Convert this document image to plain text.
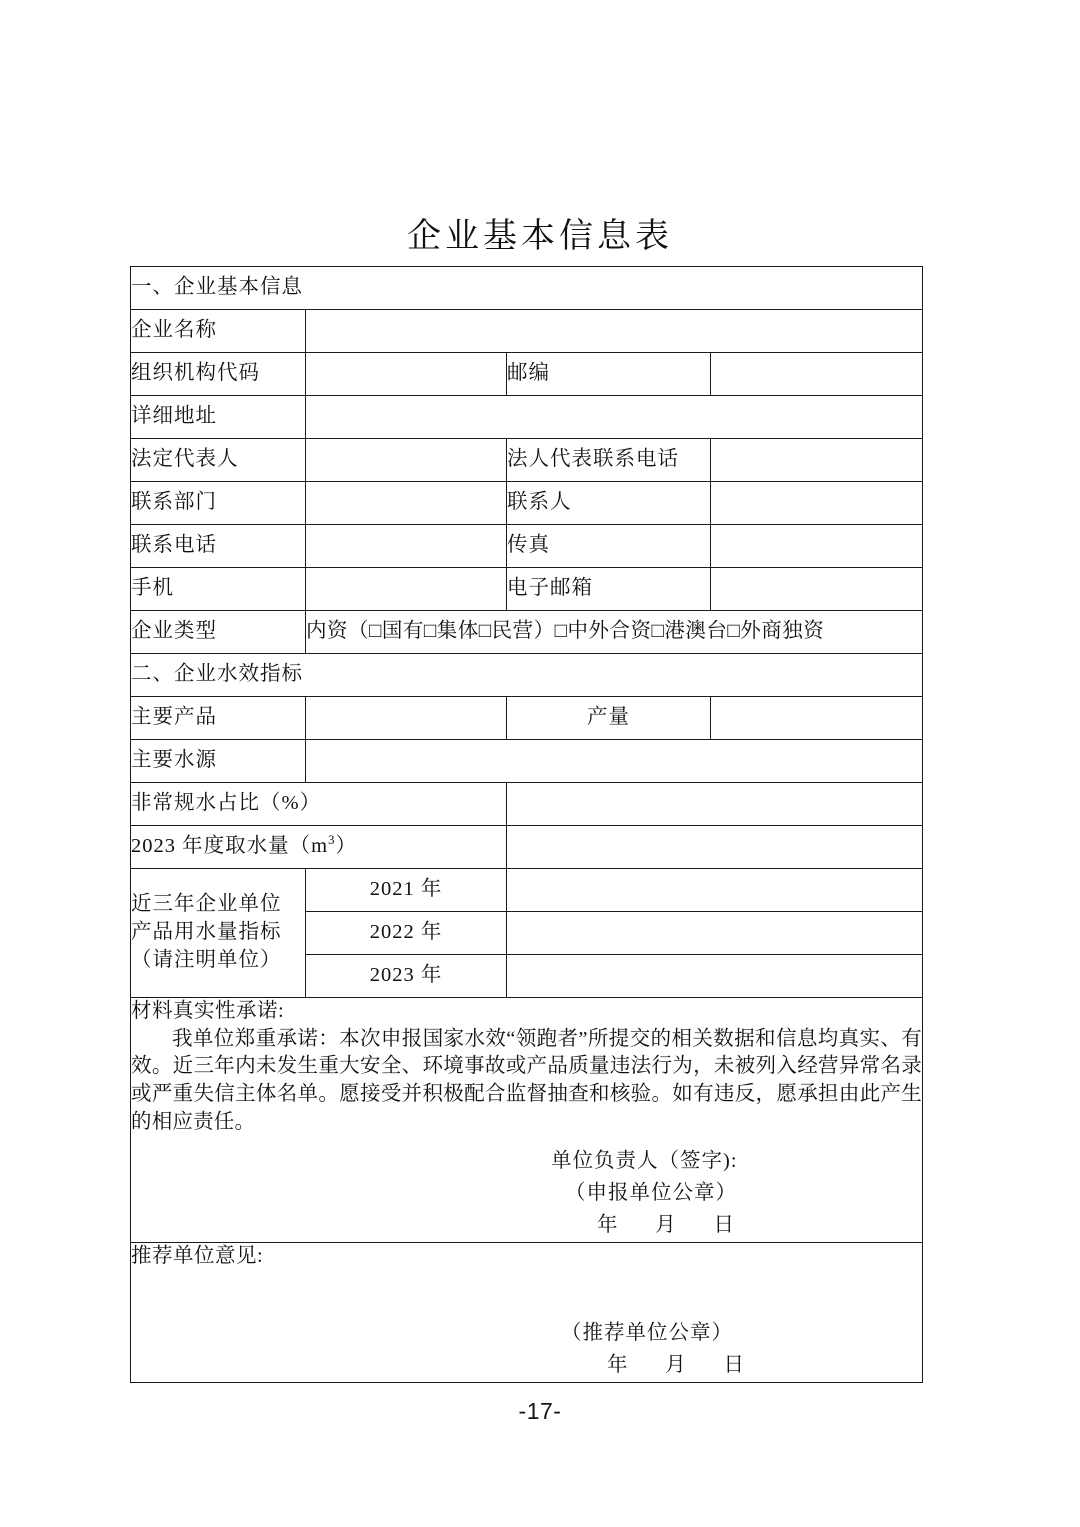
企业基本信息表
一、企业基本信息			
企业名称			
组织机构代码		邮编	
详细地址			
法定代表人		法人代表联系电话	
联系部门		联系人	
联系电话		传真	
手机		电子邮箱	
企业类型	内资（□国有□集体□民营）□中外合资□港澳台□外商独资		
二、企业水效指标			
主要产品		产量	
主要水源			
非常规水占比（%）			
2023 年度取水量$(m^3)$			

近三年企业单位
产品用水量指标
（请注明单位）	2021 年		
	2022 年		
	2023 年		

材料真实性承诺:
我单位郑重承诺：本次申报国家水效“领跑者”所提交的相关数据和信息均真实、有效。近三年内未发生重大安全、环境事故或产品质量违法行为，未被列入经营异常名录或严重失信主体名单。愿接受并积极配合监督抽查和核验。如有违反，愿承担由此产生的相应责任。
单位负责人（签字):
（申报单位公章）
年      月      日			

推荐单位意见:
（推荐单位公章）
年      月      日			
-17-
